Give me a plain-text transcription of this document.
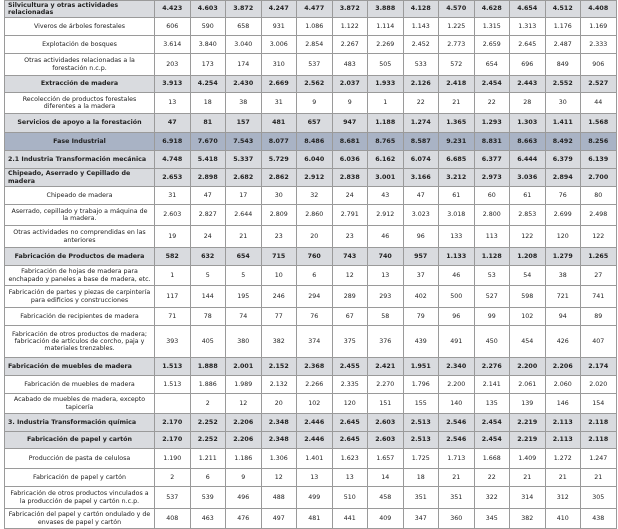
Silvicultura y otras actividades relacionadas	4.423	4.603	3.872	4.247	4.477	3.872	3.888	4.128	4.570	4.628	4.654	4.512	4.408
Viveros de árboles forestales	606	590	658	931	1.086	1.122	1.114	1.143	1.225	1.315	1.313	1.176	1.169
Explotación de bosques	3.614	3.840	3.040	3.006	2.854	2.267	2.269	2.452	2.773	2.659	2.645	2.487	2.333
Otras actividades relacionadas a la forestación n.c.p.	203	173	174	310	537	483	505	533	572	654	696	849	906
Extracción de madera	3.913	4.254	2.430	2.669	2.562	2.037	1.933	2.126	2.418	2.454	2.443	2.552	2.527
Recolección de productos forestales diferentes a la madera	13	18	38	31	9	9	1	22	21	22	28	30	44
Servicios de apoyo a la forestación	47	81	157	481	657	947	1.188	1.274	1.365	1.293	1.303	1.411	1.568
Fase Industrial	6.918	7.670	7.543	8.077	8.486	8.681	8.765	8.587	9.231	8.831	8.663	8.492	8.256
2.1 Industria Transformación mecánica	4.748	5.418	5.337	5.729	6.040	6.036	6.162	6.074	6.685	6.377	6.444	6.379	6.139
Chipeado, Aserrado y Cepillado de madera	2.653	2.898	2.682	2.862	2.912	2.838	3.001	3.166	3.212	2.973	3.036	2.894	2.700
Chipeado de madera	31	47	17	30	32	24	43	47	61	60	61	76	80
Aserrado, cepillado y trabajo a máquina de la madera.	2.603	2.827	2.644	2.809	2.860	2.791	2.912	3.023	3.018	2.800	2.853	2.699	2.498
Otras actividades no comprendidas en las anteriores	19	24	21	23	20	23	46	96	133	113	122	120	122
Fabricación de Productos de madera	582	632	654	715	760	743	740	957	1.133	1.128	1.208	1.279	1.265
Fabricación de hojas de madera para enchapado y paneles a base de madera, etc.	1	5	5	10	6	12	13	37	46	53	54	38	27
Fabricación de partes y piezas de carpintería para edificios y construcciones	117	144	195	246	294	289	293	402	500	527	598	721	741
Fabricación de recipientes de madera	71	78	74	77	76	67	58	79	96	99	102	94	89
Fabricación de otros productos de madera; fabricación de artículos de corcho, paja y materiales trenzables.	393	405	380	382	374	375	376	439	491	450	454	426	407
Fabricación de muebles de madera	1.513	1.888	2.001	2.152	2.368	2.455	2.421	1.951	2.340	2.276	2.200	2.206	2.174
Fabricación de muebles de madera	1.513	1.886	1.989	2.132	2.266	2.335	2.270	1.796	2.200	2.141	2.061	2.060	2.020
Acabado de muebles de madera, excepto tapicería		2	12	20	102	120	151	155	140	135	139	146	154
3. Industria Transformación química	2.170	2.252	2.206	2.348	2.446	2.645	2.603	2.513	2.546	2.454	2.219	2.113	2.118
Fabricación de papel y cartón	2.170	2.252	2.206	2.348	2.446	2.645	2.603	2.513	2.546	2.454	2.219	2.113	2.118
Producción de pasta de celulosa	1.190	1.211	1.186	1.306	1.401	1.623	1.657	1.725	1.713	1.668	1.409	1.272	1.247
Fabricación de papel y cartón	2	6	9	12	13	13	14	18	21	22	21	21	21
Fabricación de otros productos vinculados a la producción de papel y cartón n.c.p.	537	539	496	488	499	510	458	351	351	322	314	312	305
Fabricación del papel y cartón ondulado y de envases de papel y cartón	408	463	476	497	481	441	409	347	360	345	382	410	438
